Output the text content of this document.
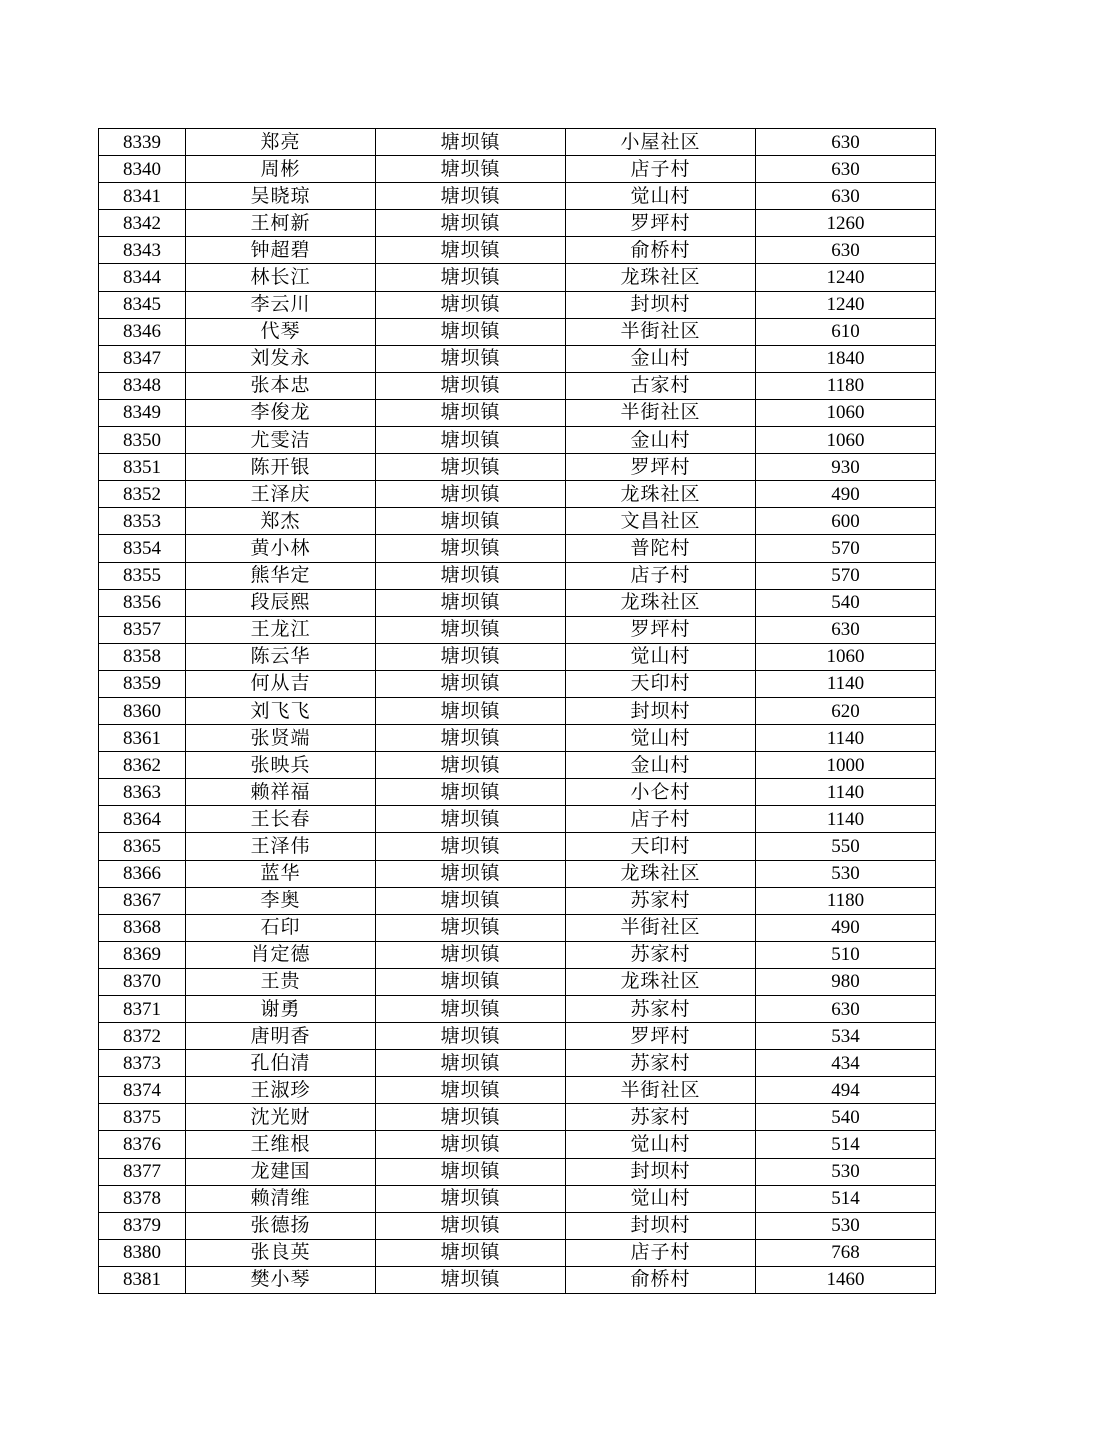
8339	郑亮	塘坝镇	小屋社区	630
8340	周彬	塘坝镇	店子村	630
8341	吴晓琼	塘坝镇	觉山村	630
8342	王柯新	塘坝镇	罗坪村	1260
8343	钟超碧	塘坝镇	俞桥村	630
8344	林长江	塘坝镇	龙珠社区	1240
8345	李云川	塘坝镇	封坝村	1240
8346	代琴	塘坝镇	半街社区	610
8347	刘发永	塘坝镇	金山村	1840
8348	张本忠	塘坝镇	古家村	1180
8349	李俊龙	塘坝镇	半街社区	1060
8350	尤雯洁	塘坝镇	金山村	1060
8351	陈开银	塘坝镇	罗坪村	930
8352	王泽庆	塘坝镇	龙珠社区	490
8353	郑杰	塘坝镇	文昌社区	600
8354	黄小林	塘坝镇	普陀村	570
8355	熊华定	塘坝镇	店子村	570
8356	段辰熙	塘坝镇	龙珠社区	540
8357	王龙江	塘坝镇	罗坪村	630
8358	陈云华	塘坝镇	觉山村	1060
8359	何从吉	塘坝镇	天印村	1140
8360	刘飞飞	塘坝镇	封坝村	620
8361	张贤端	塘坝镇	觉山村	1140
8362	张映兵	塘坝镇	金山村	1000
8363	赖祥福	塘坝镇	小仑村	1140
8364	王长春	塘坝镇	店子村	1140
8365	王泽伟	塘坝镇	天印村	550
8366	蓝华	塘坝镇	龙珠社区	530
8367	李奥	塘坝镇	苏家村	1180
8368	石印	塘坝镇	半街社区	490
8369	肖定德	塘坝镇	苏家村	510
8370	王贵	塘坝镇	龙珠社区	980
8371	谢勇	塘坝镇	苏家村	630
8372	唐明香	塘坝镇	罗坪村	534
8373	孔伯清	塘坝镇	苏家村	434
8374	王淑珍	塘坝镇	半街社区	494
8375	沈光财	塘坝镇	苏家村	540
8376	王维根	塘坝镇	觉山村	514
8377	龙建国	塘坝镇	封坝村	530
8378	赖清维	塘坝镇	觉山村	514
8379	张德扬	塘坝镇	封坝村	530
8380	张良英	塘坝镇	店子村	768
8381	樊小琴	塘坝镇	俞桥村	1460
